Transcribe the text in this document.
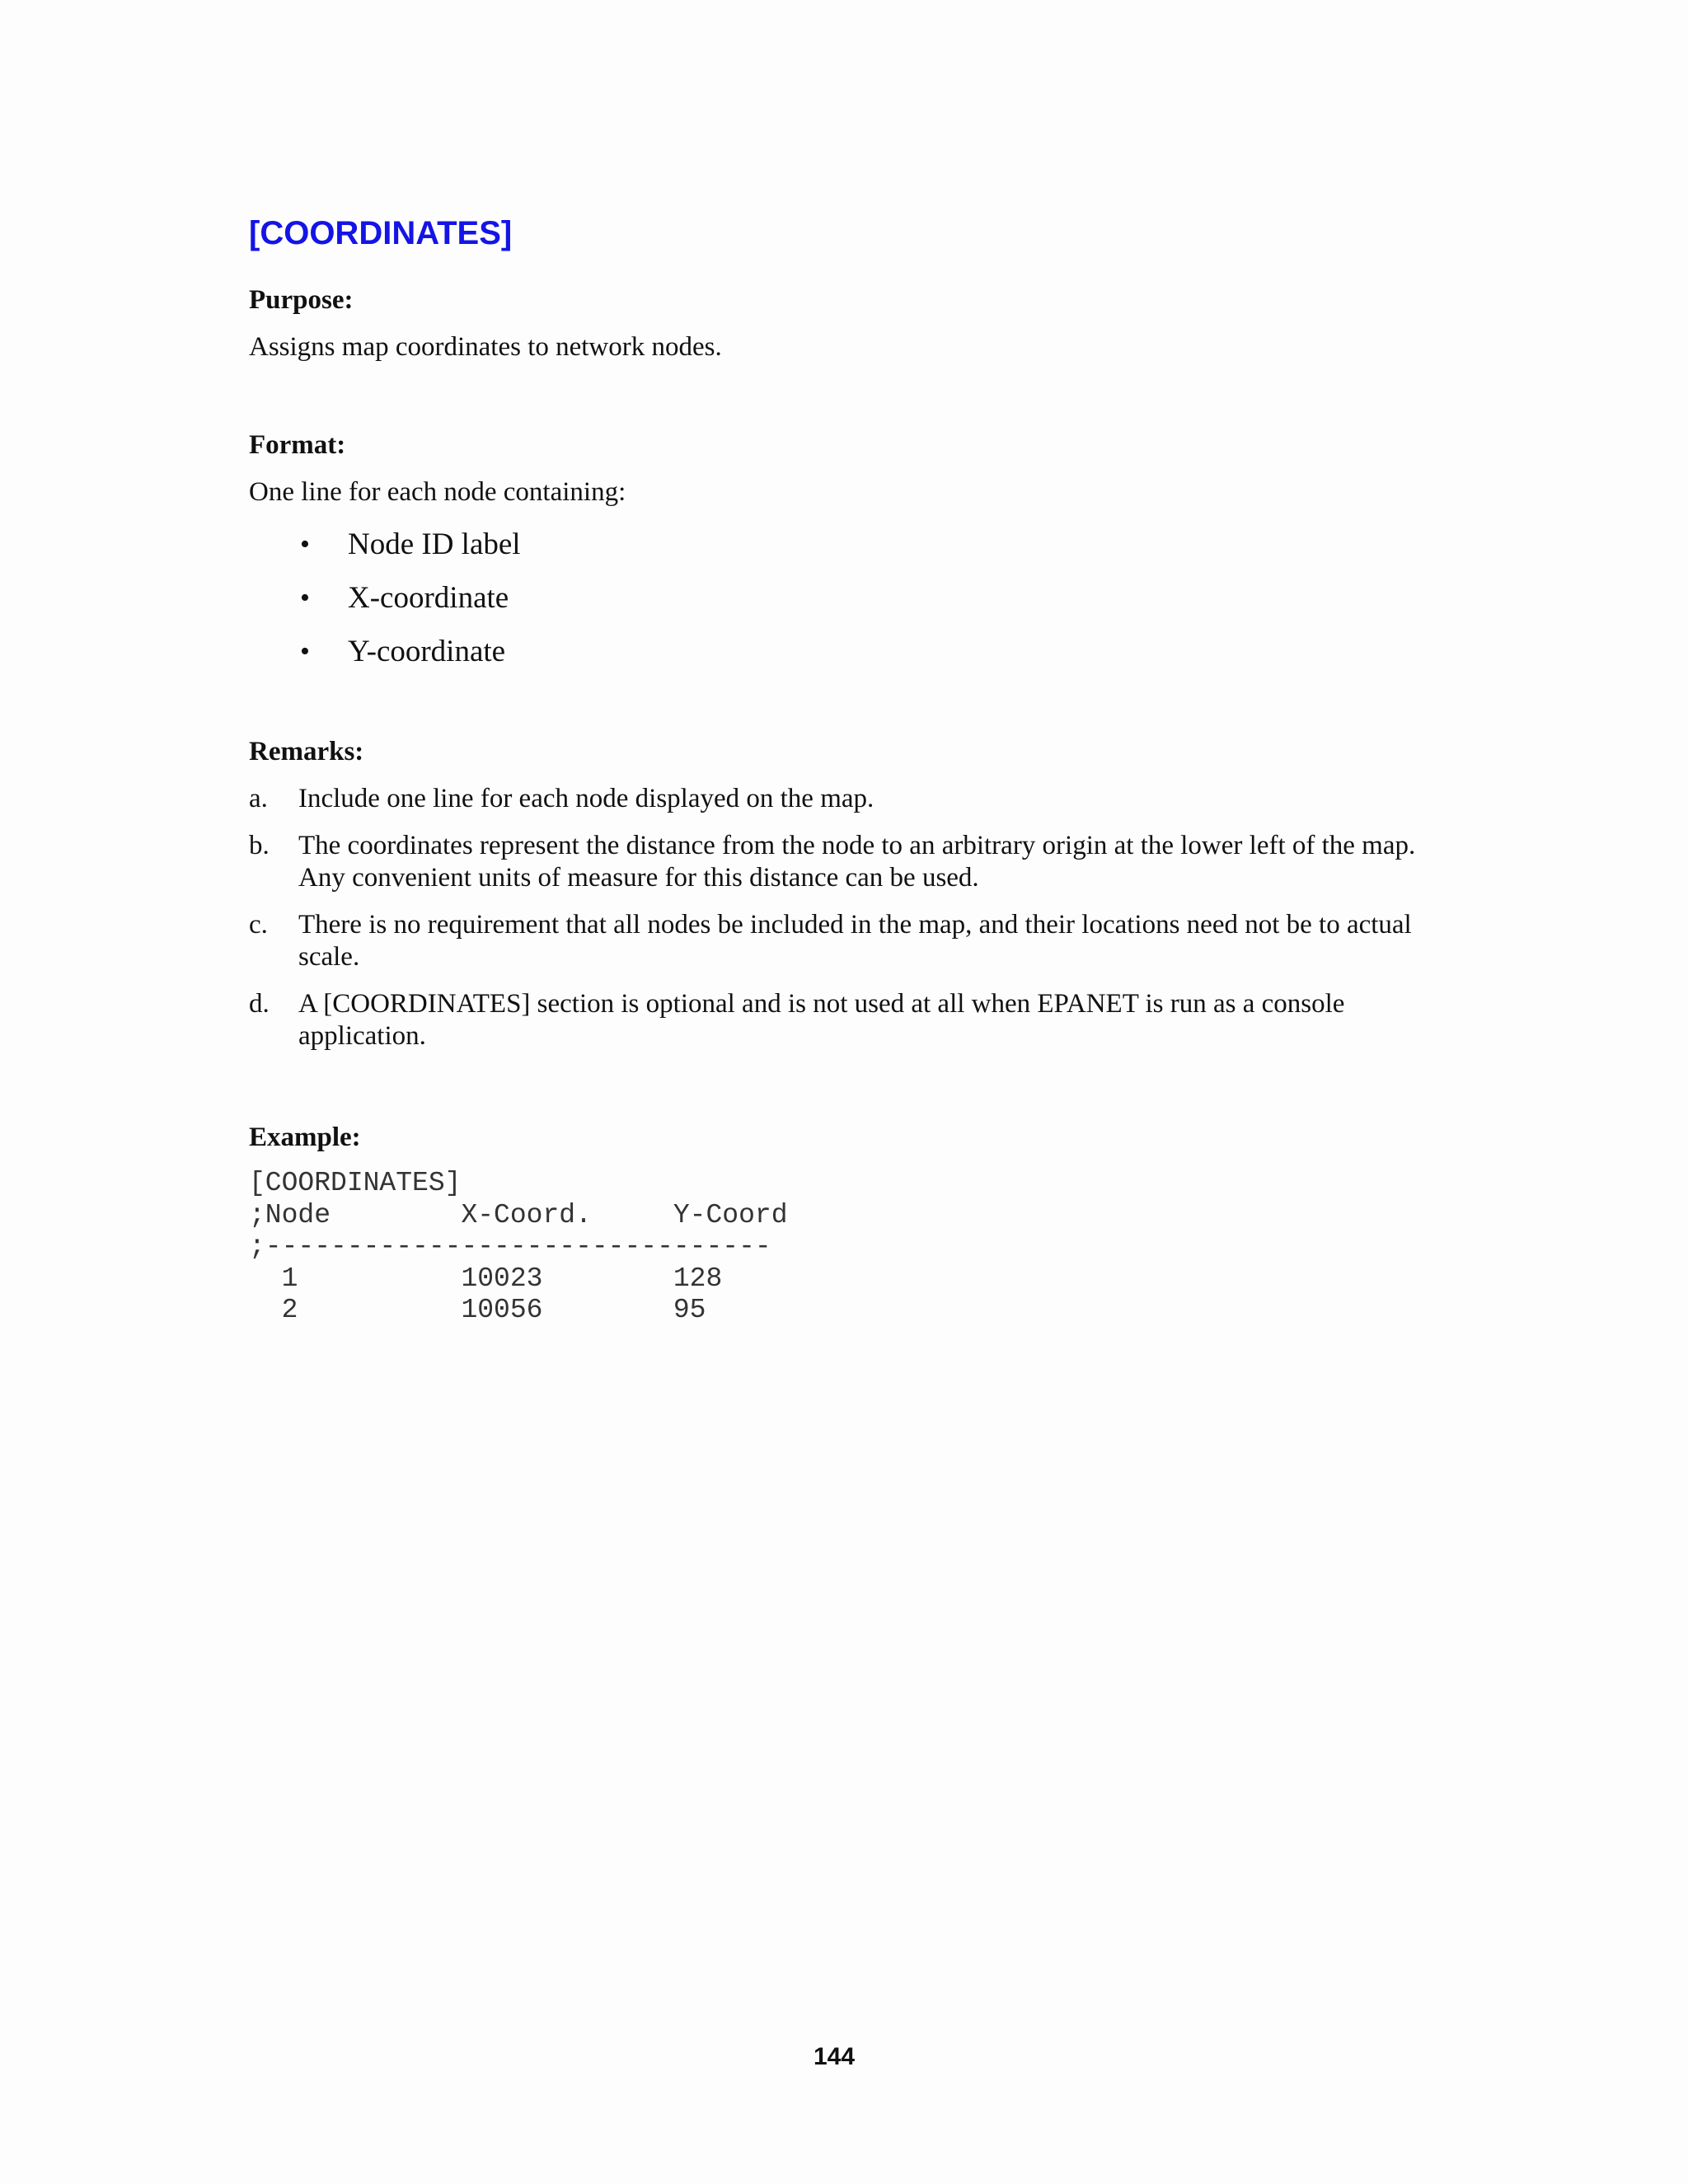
[COORDINATES]

Purpose:

Assigns map coordinates to network nodes.

Format:

One line for each node containing:

•	Node ID label
•	X-coordinate
•	Y-coordinate

Remarks:

a. Include one line for each node displayed on the map.
b. The coordinates represent the distance from the node to an arbitrary origin at the lower left of the map. Any convenient units of measure for this distance can be used.
c. There is no requirement that all nodes be included in the map, and their locations need not be to actual scale.
d. A [COORDINATES] section is optional and is not used at all when EPANET is run as a console application.

Example:

[COORDINATES]
;Node        X-Coord.     Y-Coord
;-------------------------------
1          10023        128
2          10056        95

144
